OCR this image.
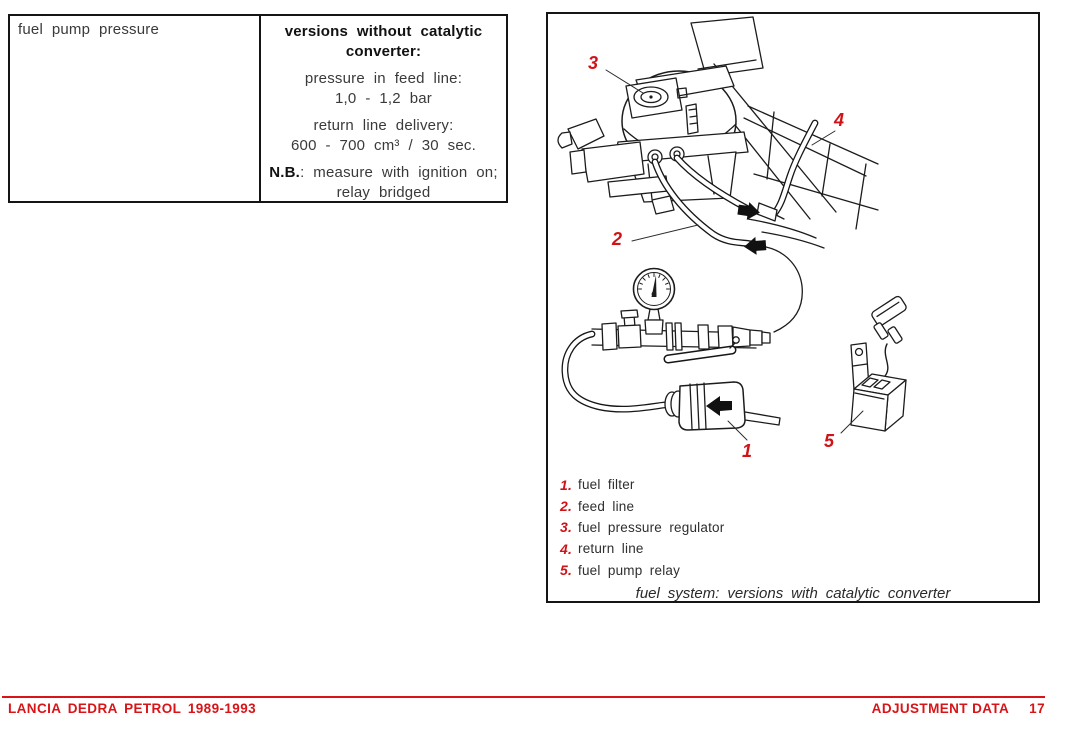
fuel pump pressure	versions without catalytic converter:
pressure in feed line:
1,0 - 1,2 bar
return line delivery:
600 - 700 cm³ / 30 sec.
N.B.: measure with ignition on; relay bridged
3
2
4
1	5
1. fuel filter
2. feed line
3. fuel pressure regulator
4. return line
5. fuel pump relay
fuel system: versions with catalytic converter
LANCIA DEDRA PETROL 1989-1993	ADJUSTMENT DATA 17
